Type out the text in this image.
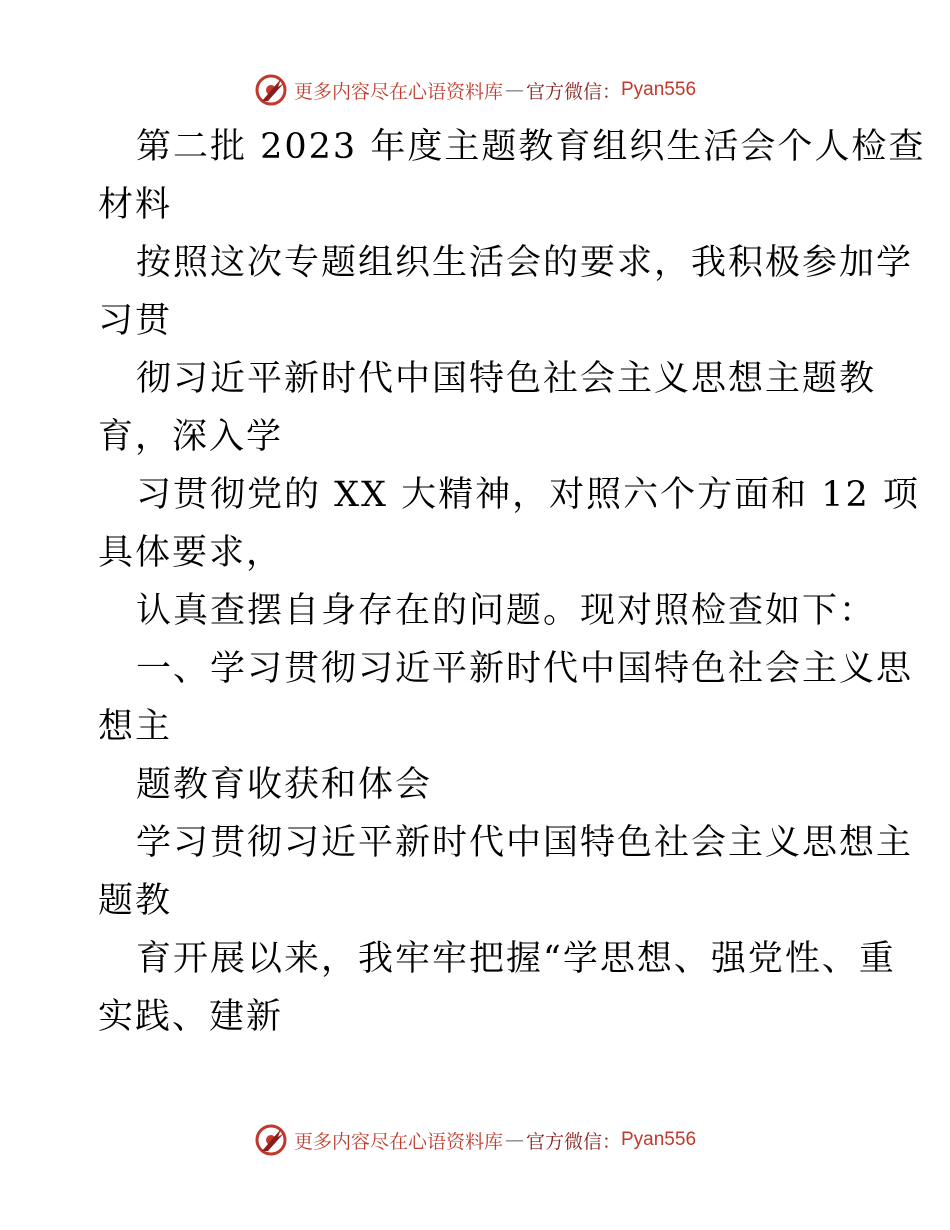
更多内容尽在心语资料库 — 官方微信： Pyan556
第二批 2023 年度主题教育组织生活会个人检查
材料
按照这次专题组织生活会的要求，我积极参加学
习贯
彻习近平新时代中国特色社会主义思想主题教
育，深入学
习贯彻党的 XX 大精神，对照六个方面和 12 项
具体要求，
认真查摆自身存在的问题。现对照检查如下：
一、学习贯彻习近平新时代中国特色社会主义思
想主
题教育收获和体会
学习贯彻习近平新时代中国特色社会主义思想主
题教
育开展以来，我牢牢把握“学思想、强党性、重
实践、建新
更多内容尽在心语资料库 — 官方微信： Pyan556
